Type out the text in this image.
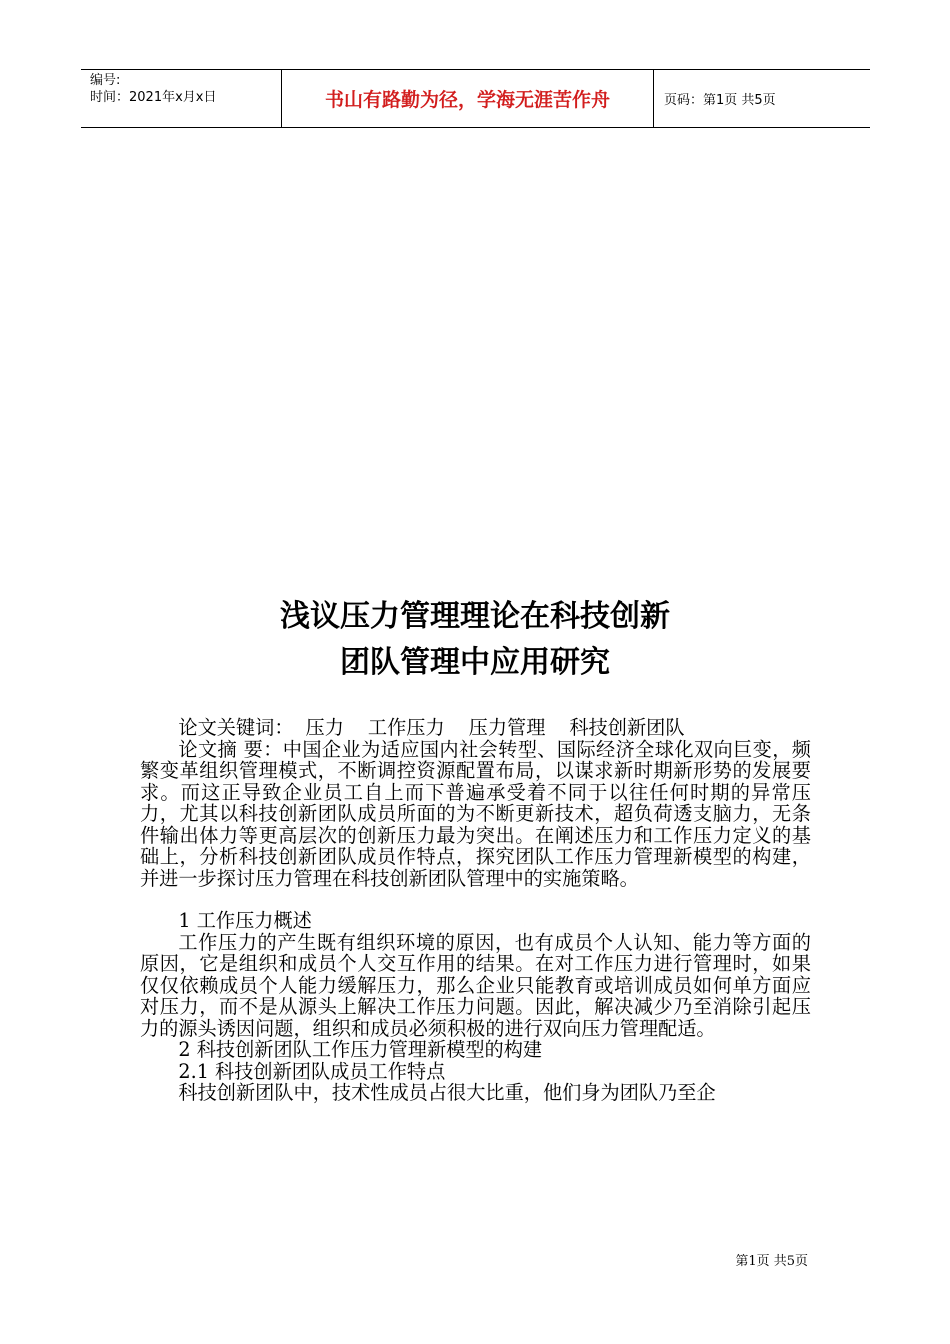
编号:
时间：2021年x月x日	书山有路勤为径，学海无涯苦作舟	页码：第1页 共5页
浅议压力管理理论在科技创新
团队管理中应用研究

论文关键词： 压力 工作压力 压力管理 科技创新团队

论文摘 要：中国企业为适应国内社会转型、国际经济全球化双向巨变，频繁变革组织管理模式，不断调控资源配置布局，以谋求新时期新形势的发展要求。而这正导致企业员工自上而下普遍承受着不同于以往任何时期的异常压力，尤其以科技创新团队成员所面的为不断更新技术，超负荷透支脑力，无条件输出体力等更高层次的创新压力最为突出。在阐述压力和工作压力定义的基础上，分析科技创新团队成员作特点，探究团队工作压力管理新模型的构建，并进一步探讨压力管理在科技创新团队管理中的实施策略。

1 工作压力概述

工作压力的产生既有组织环境的原因，也有成员个人认知、能力等方面的原因，它是组织和成员个人交互作用的结果。在对工作压力进行管理时，如果仅仅依赖成员个人能力缓解压力，那么企业只能教育或培训成员如何单方面应对压力，而不是从源头上解决工作压力问题。因此，解决减少乃至消除引起压力的源头诱因问题，组织和成员必须积极的进行双向压力管理配适。

2 科技创新团队工作压力管理新模型的构建

2.1 科技创新团队成员工作特点

科技创新团队中，技术性成员占很大比重，他们身为团队乃至企

第1页 共5页
